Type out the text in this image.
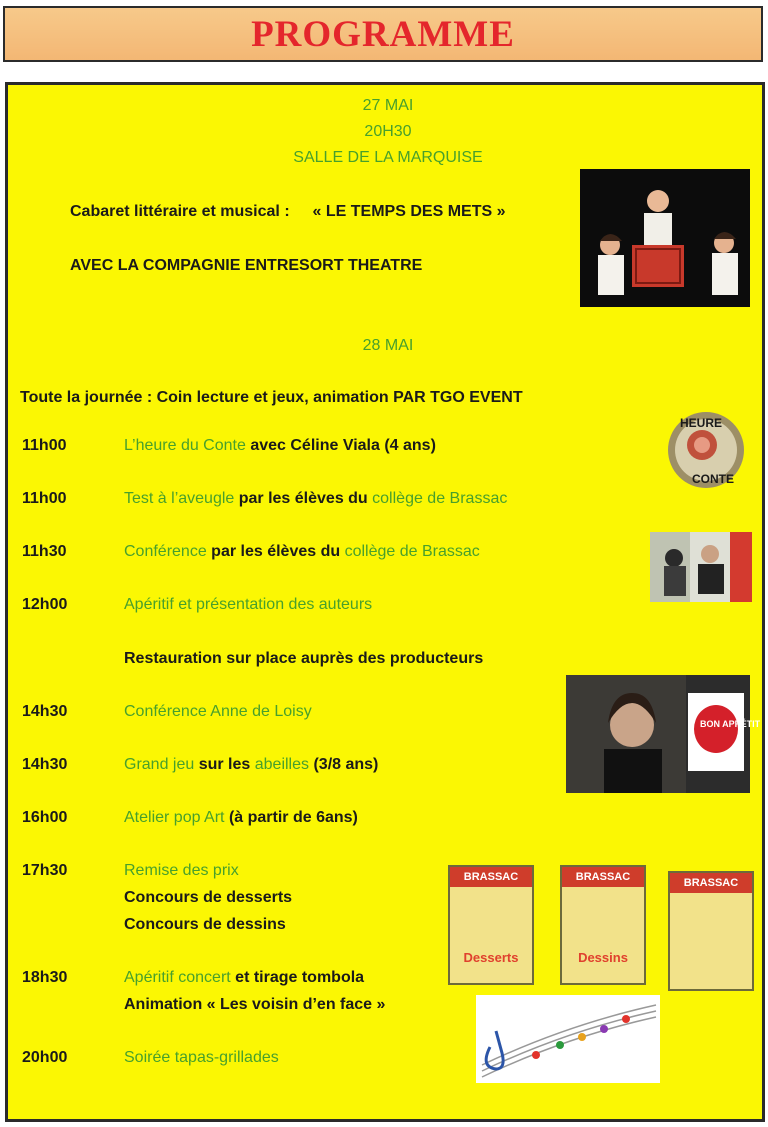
PROGRAMME
27 MAI
20H30
SALLE DE LA MARQUISE
Cabaret littéraire et musical : « LE TEMPS DES METS »
AVEC LA COMPAGNIE ENTRESORT THEATRE
28 MAI
Toute la journée : Coin lecture et jeux, animation PAR TGO EVENT
11h00	L’heure du Conte avec Céline Viala (4 ans)
11h00	Test à l’aveugle par les élèves du collège de Brassac
11h30	Conférence par les élèves du collège de Brassac
12h00	Apéritif et présentation des auteurs
Restauration sur place auprès des producteurs
14h30	Conférence Anne de Loisy
14h30	Grand jeu sur les abeilles (3/8 ans)
16h00	Atelier pop Art (à partir de 6ans)
17h30	Remise des prix
Concours de desserts
Concours de dessins
18h30	Apéritif concert et tirage tombola
Animation « Les voisin d’en face »
20h00	Soirée tapas-grillades
HEURE
CONTE
BON APPÉTIT
BRASSAC
Desserts
BRASSAC
Dessins
BRASSAC
